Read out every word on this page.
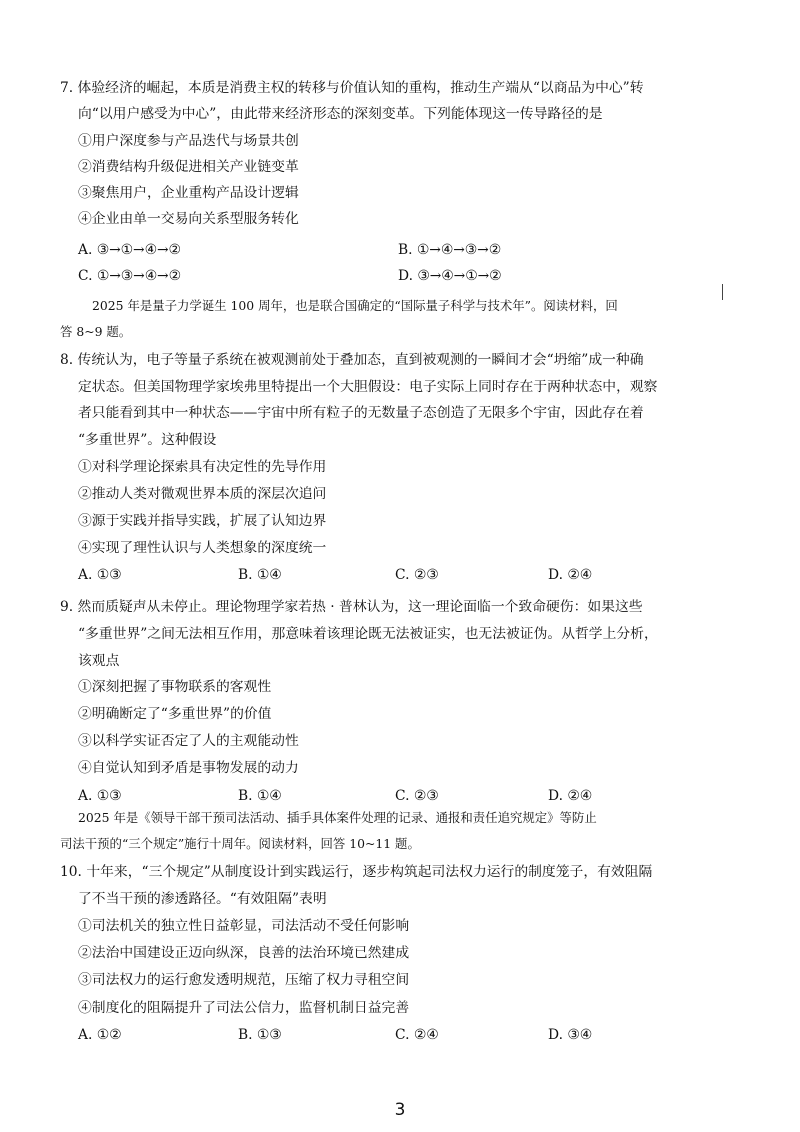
7. 体验经济的崛起，本质是消费主权的转移与价值认知的重构，推动生产端从“以商品为中心”转
向“以用户感受为中心”，由此带来经济形态的深刻变革。下列能体现这一传导路径的是
①用户深度参与产品迭代与场景共创
②消费结构升级促进相关产业链变革
③聚焦用户，企业重构产品设计逻辑
④企业由单一交易向关系型服务转化
A. ③→①→④→②	B. ①→④→③→②
C. ①→③→④→②	D. ③→④→①→②
2025 年是量子力学诞生 100 周年，也是联合国确定的“国际量子科学与技术年”。阅读材料，回
答 8~9 题。
8. 传统认为，电子等量子系统在被观测前处于叠加态，直到被观测的一瞬间才会“坍缩”成一种确
定状态。但美国物理学家埃弗里特提出一个大胆假设：电子实际上同时存在于两种状态中，观察
者只能看到其中一种状态——宇宙中所有粒子的无数量子态创造了无限多个宇宙，因此存在着
“多重世界”。这种假设
①对科学理论探索具有决定性的先导作用
②推动人类对微观世界本质的深层次追问
③源于实践并指导实践，扩展了认知边界
④实现了理性认识与人类想象的深度统一
A. ①③	B. ①④	C. ②③	D. ②④
9. 然而质疑声从未停止。理论物理学家若热 · 普林认为，这一理论面临一个致命硬伤：如果这些
“多重世界”之间无法相互作用，那意味着该理论既无法被证实，也无法被证伪。从哲学上分析，
该观点
①深刻把握了事物联系的客观性
②明确断定了“多重世界”的价值
③以科学实证否定了人的主观能动性
④自觉认知到矛盾是事物发展的动力
A. ①③	B. ①④	C. ②③	D. ②④
2025 年是《领导干部干预司法活动、插手具体案件处理的记录、通报和责任追究规定》等防止
司法干预的“三个规定”施行十周年。阅读材料，回答 10~11 题。
10. 十年来，“三个规定”从制度设计到实践运行，逐步构筑起司法权力运行的制度笼子，有效阻隔
了不当干预的渗透路径。“有效阻隔”表明
①司法机关的独立性日益彰显，司法活动不受任何影响
②法治中国建设正迈向纵深，良善的法治环境已然建成
③司法权力的运行愈发透明规范，压缩了权力寻租空间
④制度化的阻隔提升了司法公信力，监督机制日益完善
A. ①②	B. ①③	C. ②④	D. ③④
3
